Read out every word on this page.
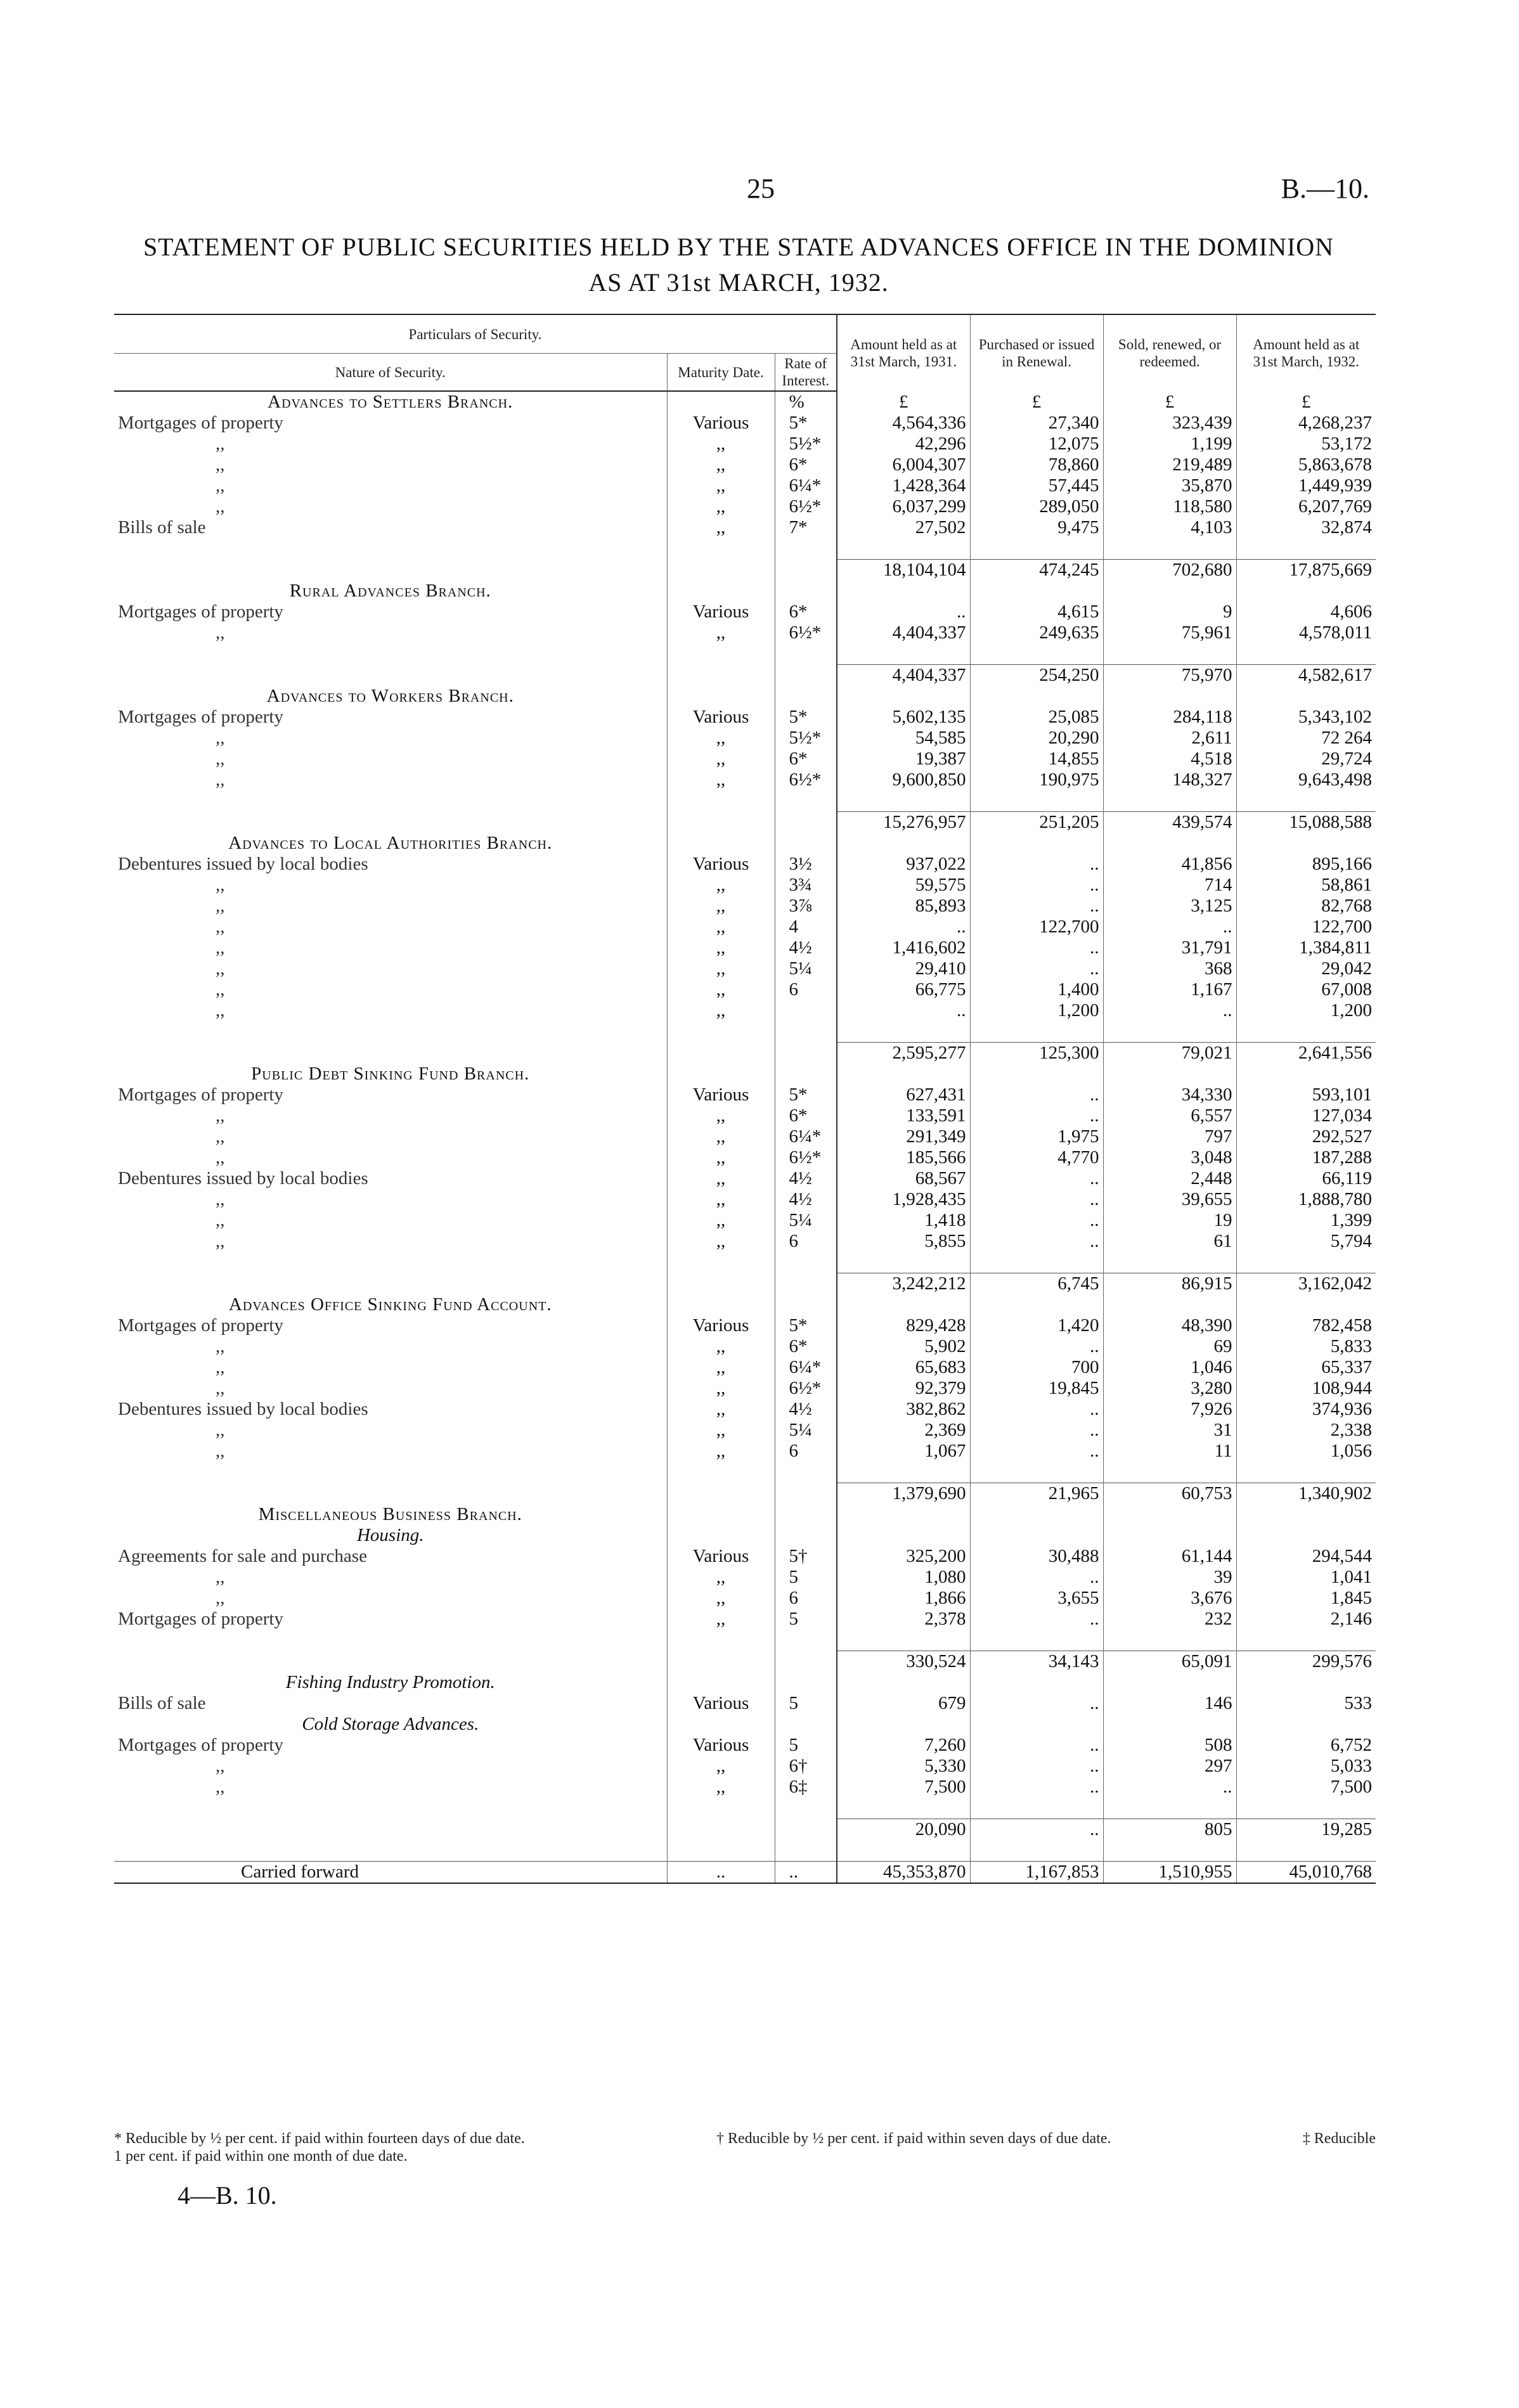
25	B.—10.
STATEMENT OF PUBLIC SECURITIES HELD BY THE STATE ADVANCES OFFICE IN THE DOMINION
AS AT 31st MARCH, 1932.
Particulars of Security.			Amount held as at 31st March, 1931.	Purchased or issued in Renewal.	Sold, renewed, or redeemed.	Amount held as at 31st March, 1932.
Nature of Security.	Maturity Date.	Rate of Interest.				
Advances to Settlers Branch.		%	£	£	£	£
Mortgages of property	Various	5*	4,564,336	27,340	323,439	4,268,237
,,	,,	5½*	42,296	12,075	1,199	53,172
,,	,,	6*	6,004,307	78,860	219,489	5,863,678
,,	,,	6¼*	1,428,364	57,445	35,870	1,449,939
,,	,,	6½*	6,037,299	289,050	118,580	6,207,769
Bills of sale	,,	7*	27,502	9,475	4,103	32,874

			18,104,104	474,245	702,680	17,875,669
Rural Advances Branch.						
Mortgages of property	Various	6*	..	4,615	9	4,606
,,	,,	6½*	4,404,337	249,635	75,961	4,578,011

			4,404,337	254,250	75,970	4,582,617
Advances to Workers Branch.						
Mortgages of property	Various	5*	5,602,135	25,085	284,118	5,343,102
,,	,,	5½*	54,585	20,290	2,611	72 264
,,	,,	6*	19,387	14,855	4,518	29,724
,,	,,	6½*	9,600,850	190,975	148,327	9,643,498

			15,276,957	251,205	439,574	15,088,588
Advances to Local Authorities Branch.						
Debentures issued by local bodies	Various	3½	937,022	..	41,856	895,166
,,	,,	3¾	59,575	..	714	58,861
,,	,,	3⅞	85,893	..	3,125	82,768
,,	,,	4	..	122,700	..	122,700
,,	,,	4½	1,416,602	..	31,791	1,384,811
,,	,,	5¼	29,410	..	368	29,042
,,	,,	6	66,775	1,400	1,167	67,008
,,	,,		..	1,200	..	1,200

			2,595,277	125,300	79,021	2,641,556
Public Debt Sinking Fund Branch.						
Mortgages of property	Various	5*	627,431	..	34,330	593,101
,,	,,	6*	133,591	..	6,557	127,034
,,	,,	6¼*	291,349	1,975	797	292,527
,,	,,	6½*	185,566	4,770	3,048	187,288
Debentures issued by local bodies	,,	4½	68,567	..	2,448	66,119
,,	,,	4½	1,928,435	..	39,655	1,888,780
,,	,,	5¼	1,418	..	19	1,399
,,	,,	6	5,855	..	61	5,794

			3,242,212	6,745	86,915	3,162,042
Advances Office Sinking Fund Account.						
Mortgages of property	Various	5*	829,428	1,420	48,390	782,458
,,	,,	6*	5,902	..	69	5,833
,,	,,	6¼*	65,683	700	1,046	65,337
,,	,,	6½*	92,379	19,845	3,280	108,944
Debentures issued by local bodies	,,	4½	382,862	..	7,926	374,936
,,	,,	5¼	2,369	..	31	2,338
,,	,,	6	1,067	..	11	1,056

			1,379,690	21,965	60,753	1,340,902
Miscellaneous Business Branch.						
Housing.						
Agreements for sale and purchase	Various	5†	325,200	30,488	61,144	294,544
,,	,,	5	1,080	..	39	1,041
,,	,,	6	1,866	3,655	3,676	1,845
Mortgages of property	,,	5	2,378	..	232	2,146

			330,524	34,143	65,091	299,576
Fishing Industry Promotion.						
Bills of sale	Various	5	679	..	146	533
Cold Storage Advances.						
Mortgages of property	Various	5	7,260	..	508	6,752
,,	,,	6†	5,330	..	297	5,033
,,	,,	6‡	7,500	..	..	7,500

			20,090	..	805	19,285

Carried forward	..	..	45,353,870	1,167,853	1,510,955	45,010,768
* Reducible by ½ per cent. if paid within fourteen days of due date.	† Reducible by ½ per cent. if paid within seven days of due date.	‡ Reducible
1 per cent. if paid within one month of due date.
4—B. 10.
